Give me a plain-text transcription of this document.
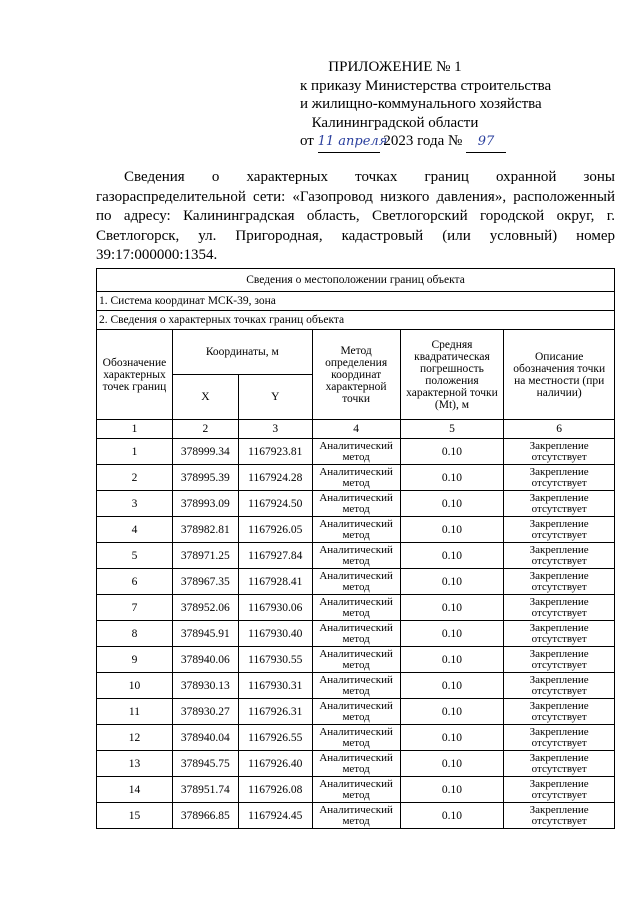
ПРИЛОЖЕНИЕ № 1
к приказу Министерства строительства
и жилищно-коммунального хозяйства
Калининградской области
от 11 апреля 2023 года № 97
Сведения о характерных точках границ охранной зоны газораспределительной сети: «Газопровод низкого давления», расположенный по адресу: Калининградская область, Светлогорский городской округ, г. Светлогорск, ул. Пригородная, кадастровый (или условный) номер 39:17:000000:1354.
Сведения о местоположении границ объекта					
1. Система координат МСК-39, зона					
2. Сведения о характерных точках границ объекта					
Обозначение характерных точек границ	Координаты, м		Метод определения координат характерной точки	Средняя квадратическая погрешность положения характерной точки (Mt), м	Описание обозначения точки на местности (при наличии)
	X	Y			
1	2	3	4	5	6
1	378999.34	1167923.81	Аналитический метод	0.10	Закрепление отсутствует
2	378995.39	1167924.28	Аналитический метод	0.10	Закрепление отсутствует
3	378993.09	1167924.50	Аналитический метод	0.10	Закрепление отсутствует
4	378982.81	1167926.05	Аналитический метод	0.10	Закрепление отсутствует
5	378971.25	1167927.84	Аналитический метод	0.10	Закрепление отсутствует
6	378967.35	1167928.41	Аналитический метод	0.10	Закрепление отсутствует
7	378952.06	1167930.06	Аналитический метод	0.10	Закрепление отсутствует
8	378945.91	1167930.40	Аналитический метод	0.10	Закрепление отсутствует
9	378940.06	1167930.55	Аналитический метод	0.10	Закрепление отсутствует
10	378930.13	1167930.31	Аналитический метод	0.10	Закрепление отсутствует
11	378930.27	1167926.31	Аналитический метод	0.10	Закрепление отсутствует
12	378940.04	1167926.55	Аналитический метод	0.10	Закрепление отсутствует
13	378945.75	1167926.40	Аналитический метод	0.10	Закрепление отсутствует
14	378951.74	1167926.08	Аналитический метод	0.10	Закрепление отсутствует
15	378966.85	1167924.45	Аналитический метод	0.10	Закрепление отсутствует
